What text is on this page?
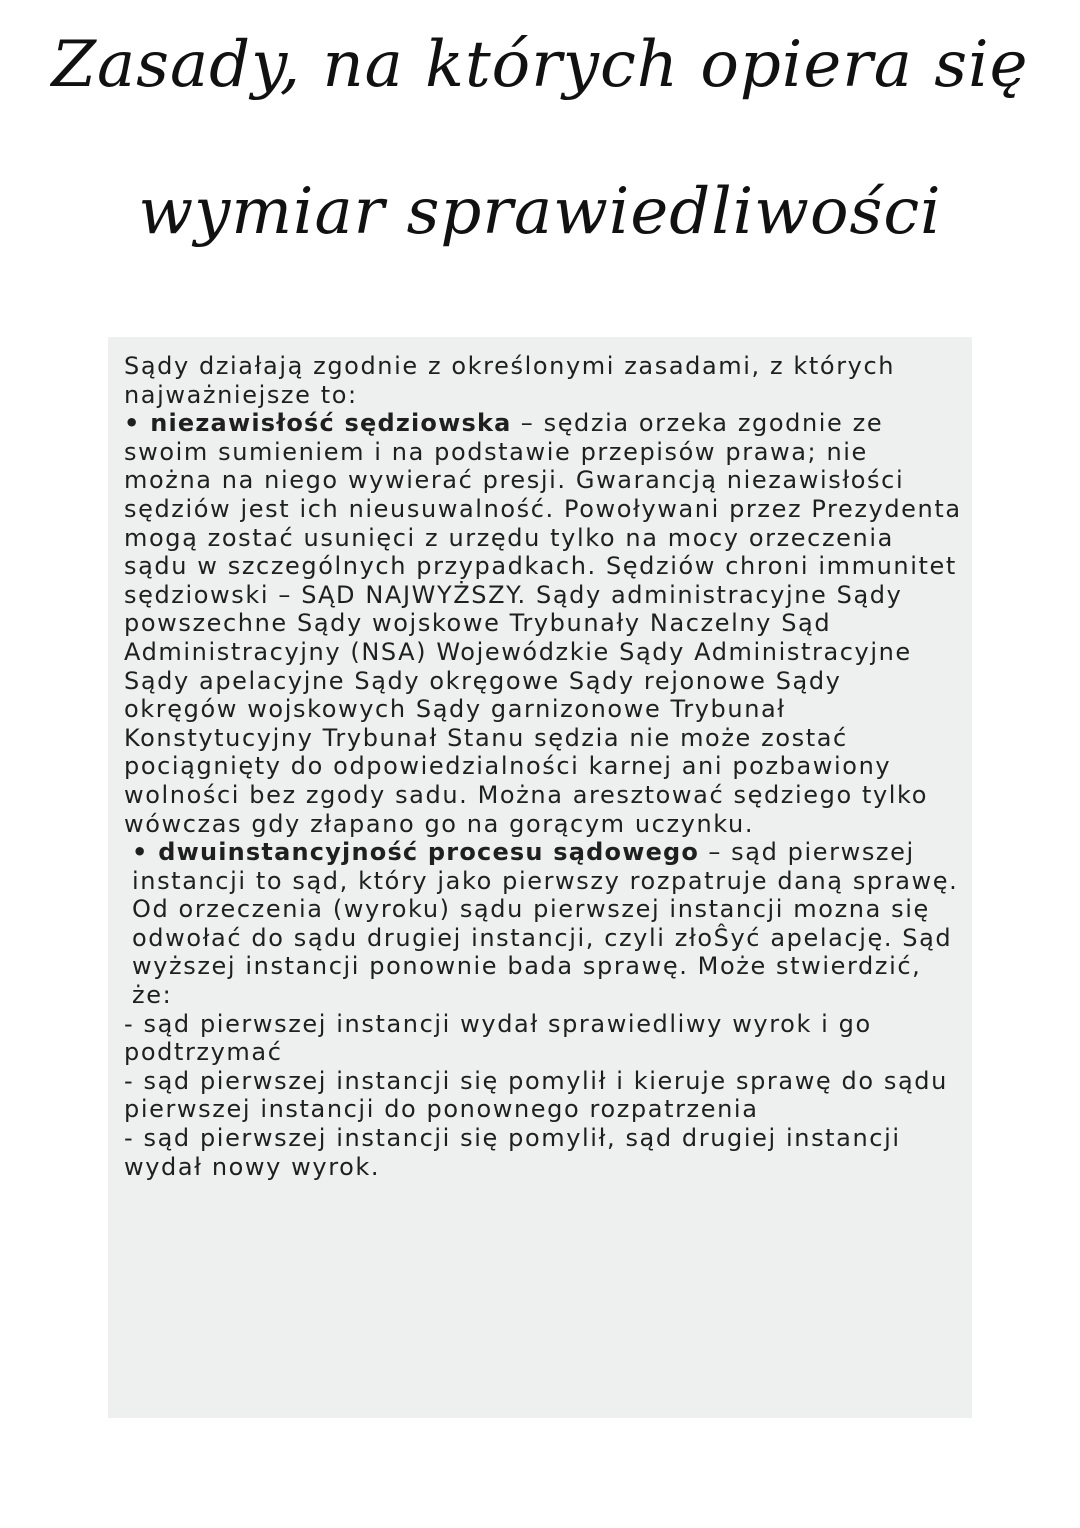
Zasady, na których opiera się
wymiar sprawiedliwości

Sądy działają zgodnie z określonymi zasadami, z których najważniejsze to:

• niezawisłość sędziowska – sędzia orzeka zgodnie ze swoim sumieniem i na podstawie przepisów prawa; nie można na niego wywierać presji. Gwarancją niezawisłości sędziów jest ich nieusuwalność. Powoływani przez Prezydenta mogą zostać usunięci z urzędu tylko na mocy orzeczenia sądu w szczególnych przypadkach. Sędziów chroni immunitet sędziowski – SĄD NAJWYŻSZY. Sądy administracyjne Sądy powszechne Sądy wojskowe Trybunały Naczelny Sąd Administracyjny (NSA) Wojewódzkie Sądy Administracyjne Sądy apelacyjne Sądy okręgowe Sądy rejonowe Sądy okręgów wojskowych Sądy garnizonowe Trybunał Konstytucyjny Trybunał Stanu sędzia nie może zostać pociągnięty do odpowiedzialności karnej ani pozbawiony wolności bez zgody sadu. Można aresztować sędziego tylko wówczas gdy złapano go na gorącym uczynku.

• dwuinstancyjność procesu sądowego – sąd pierwszej instancji to sąd, który jako pierwszy rozpatruje daną sprawę. Od orzeczenia (wyroku) sądu pierwszej instancji mozna się odwołać do sądu drugiej instancji, czyli złoŜyć apelację. Sąd wyższej instancji ponownie bada sprawę. Może stwierdzić, że:

- sąd pierwszej instancji wydał sprawiedliwy wyrok i go podtrzymać

- sąd pierwszej instancji się pomylił i kieruje sprawę do sądu pierwszej instancji do ponownego rozpatrzenia

- sąd pierwszej instancji się pomylił, sąd drugiej instancji wydał nowy wyrok.
